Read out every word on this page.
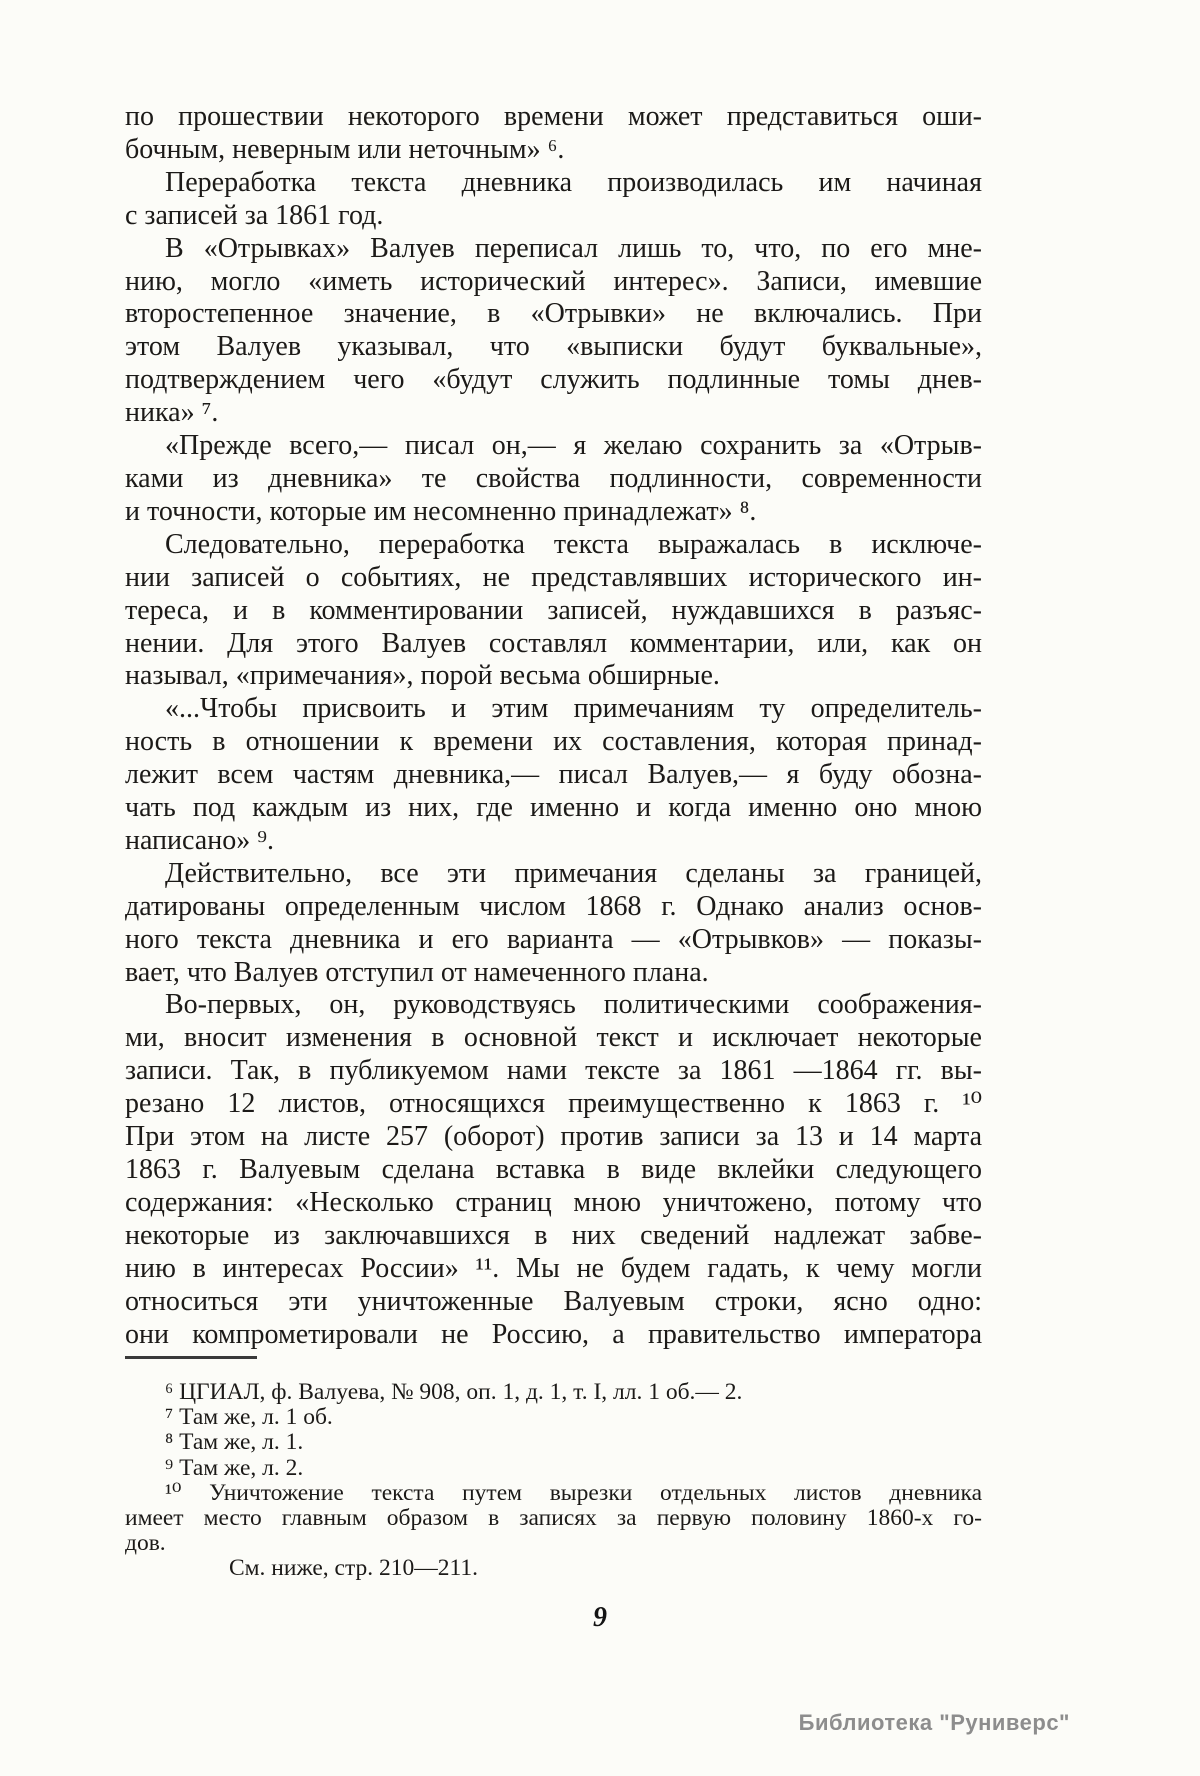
по прошествии некоторого времени может представиться оши-
бочным, неверным или неточным» ⁶.
Переработка текста дневника производилась им начиная
с записей за 1861 год.
В «Отрывках» Валуев переписал лишь то, что, по его мне-
нию, могло «иметь исторический интерес». Записи, имевшие
второстепенное значение, в «Отрывки» не включались. При
этом Валуев указывал, что «выписки будут буквальные»,
подтверждением чего «будут служить подлинные томы днев-
ника» ⁷.
«Прежде всего,— писал он,— я желаю сохранить за «Отрыв-
ками из дневника» те свойства подлинности, современности
и точности, которые им несомненно принадлежат» ⁸.
Следовательно, переработка текста выражалась в исключе-
нии записей о событиях, не представлявших исторического ин-
тереса, и в комментировании записей, нуждавшихся в разъяс-
нении. Для этого Валуев составлял комментарии, или, как он
называл, «примечания», порой весьма обширные.
«...Чтобы присвоить и этим примечаниям ту определитель-
ность в отношении к времени их составления, которая принад-
лежит всем частям дневника,— писал Валуев,— я буду обозна-
чать под каждым из них, где именно и когда именно оно мною
написано» ⁹.
Действительно, все эти примечания сделаны за границей,
датированы определенным числом 1868 г. Однако анализ основ-
ного текста дневника и его варианта — «Отрывков» — показы-
вает, что Валуев отступил от намеченного плана.
Во-первых, он, руководствуясь политическими соображения-
ми, вносит изменения в основной текст и исключает некоторые
записи. Так, в публикуемом нами тексте за 1861 —1864 гг. вы-
резано 12 листов, относящихся преимущественно к 1863 г. ¹⁰
При этом на листе 257 (оборот) против записи за 13 и 14 марта
1863 г. Валуевым сделана вставка в виде вклейки следующего
содержания: «Несколько страниц мною уничтожено, потому что
некоторые из заключавшихся в них сведений надлежат забве-
нию в интересах России» ¹¹. Мы не будем гадать, к чему могли
относиться эти уничтоженные Валуевым строки, ясно одно:
они компрометировали не Россию, а правительство императора
⁶ ЦГИАЛ, ф. Валуева, № 908, оп. 1, д. 1, т. I, лл. 1 об.— 2.
⁷ Там же, л. 1 об.
⁸ Там же, л. 1.
⁹ Там же, л. 2.
¹⁰ Уничтожение текста путем вырезки отдельных листов дневника
имеет место главным образом в записях за первую половину 1860-х го-
дов.
См. ниже, стр. 210—211.
9
Библиотека "Руниверс"
